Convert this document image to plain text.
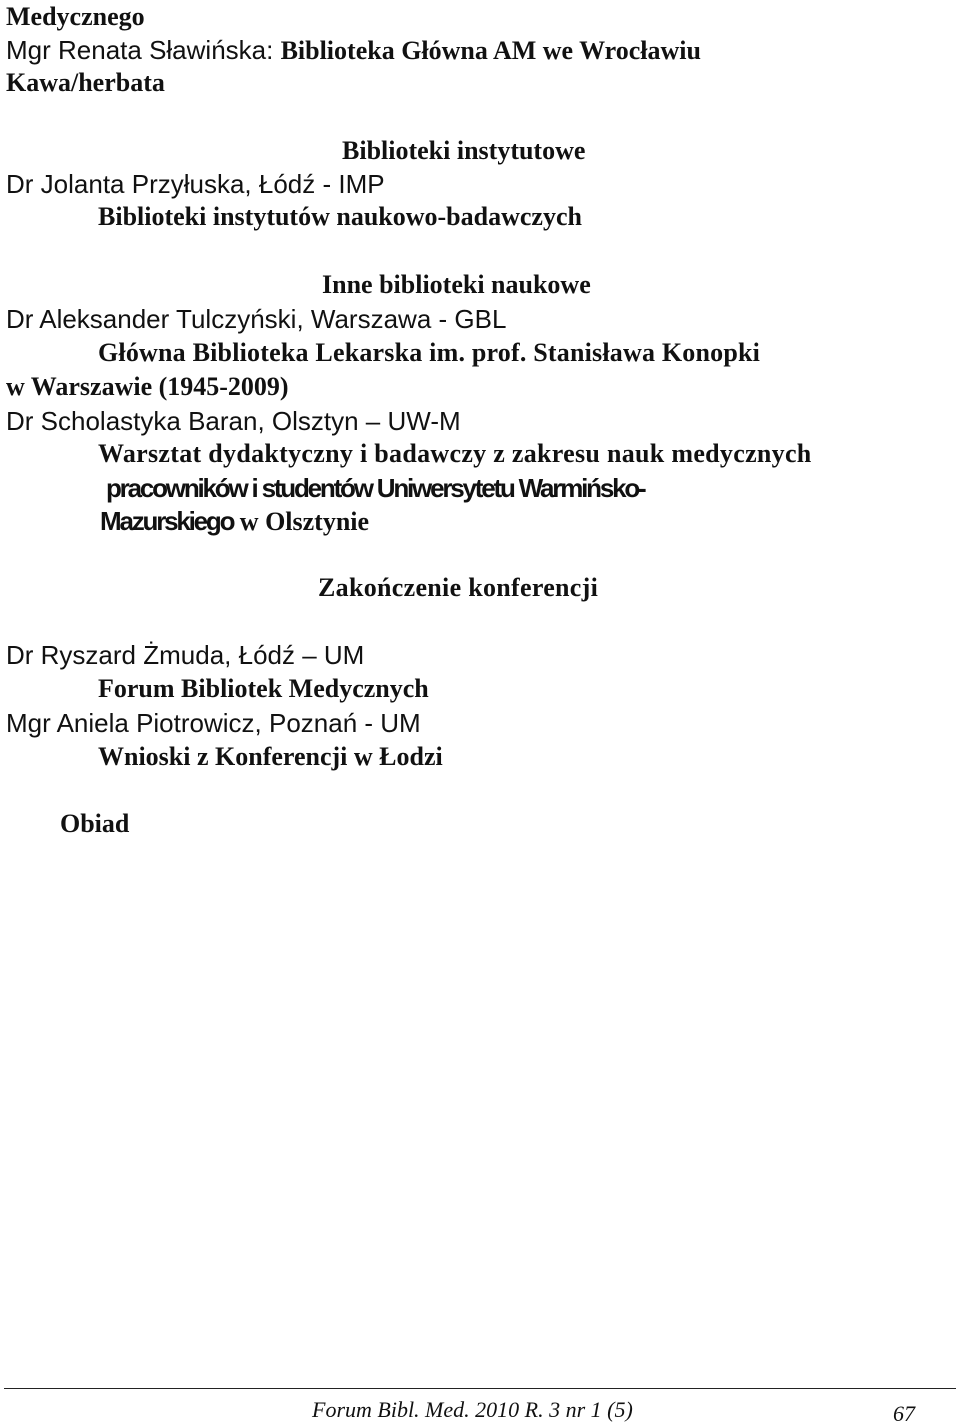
Medycznego
Mgr Renata Sławińska: Biblioteka Główna AM we Wrocławiu
Kawa/herbata
Biblioteki instytutowe
Dr Jolanta Przyłuska, Łódź - IMP
Biblioteki instytutów naukowo-badawczych
Inne biblioteki naukowe
Dr Aleksander Tulczyński, Warszawa - GBL
Główna Biblioteka Lekarska im. prof. Stanisława Konopki
w Warszawie (1945-2009)
Dr Scholastyka Baran, Olsztyn – UW-M
Warsztat dydaktyczny i badawczy z zakresu nauk medycznych
pracowników i studentów Uniwersytetu Warmińsko-
Mazurskiego w Olsztynie
Zakończenie konferencji
Dr Ryszard Żmuda, Łódź – UM
Forum Bibliotek Medycznych
Mgr Aniela Piotrowicz, Poznań - UM
Wnioski z Konferencji w Łodzi
Obiad
Forum Bibl. Med. 2010 R. 3 nr 1 (5)	67
